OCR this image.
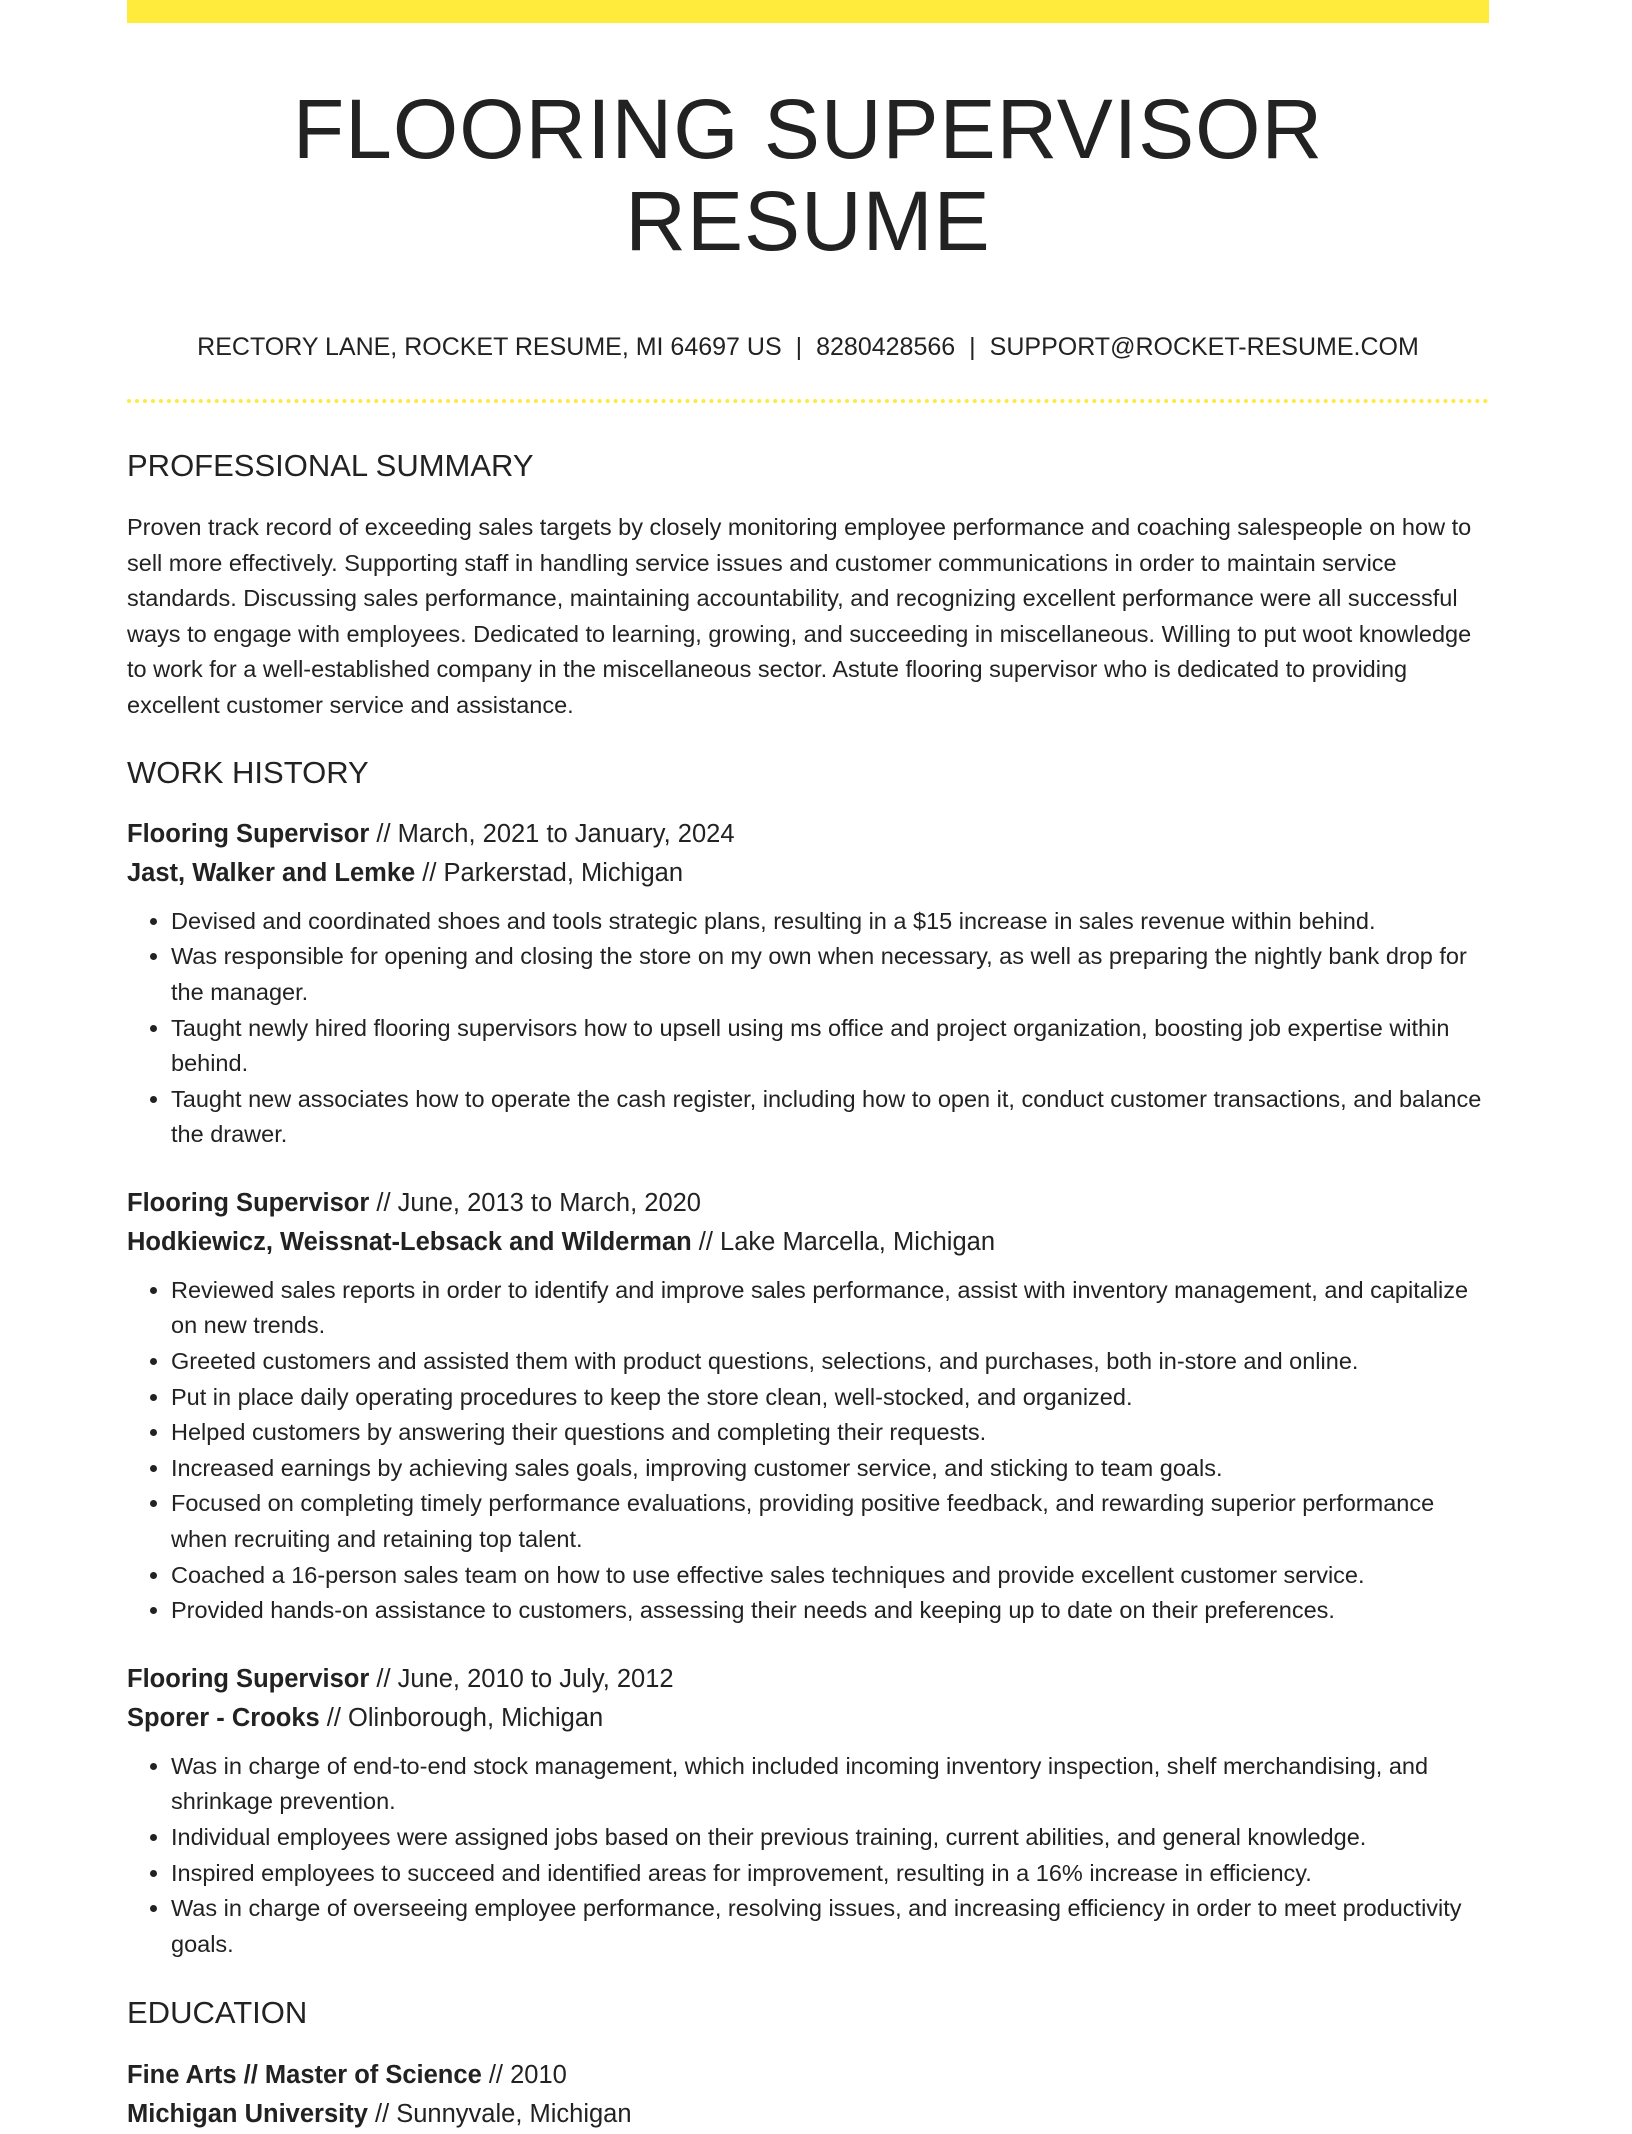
FLOORING SUPERVISOR RESUME
RECTORY LANE, ROCKET RESUME, MI 64697 US | 8280428566 | SUPPORT@ROCKET-RESUME.COM
PROFESSIONAL SUMMARY
Proven track record of exceeding sales targets by closely monitoring employee performance and coaching salespeople on how to sell more effectively. Supporting staff in handling service issues and customer communications in order to maintain service standards. Discussing sales performance, maintaining accountability, and recognizing excellent performance were all successful ways to engage with employees. Dedicated to learning, growing, and succeeding in miscellaneous. Willing to put woot knowledge to work for a well-established company in the miscellaneous sector. Astute flooring supervisor who is dedicated to providing excellent customer service and assistance.
WORK HISTORY
Flooring Supervisor // March, 2021 to January, 2024
Jast, Walker and Lemke // Parkerstad, Michigan
• Devised and coordinated shoes and tools strategic plans, resulting in a $15 increase in sales revenue within behind.
• Was responsible for opening and closing the store on my own when necessary, as well as preparing the nightly bank drop for the manager.
• Taught newly hired flooring supervisors how to upsell using ms office and project organization, boosting job expertise within behind.
• Taught new associates how to operate the cash register, including how to open it, conduct customer transactions, and balance the drawer.
Flooring Supervisor // June, 2013 to March, 2020
Hodkiewicz, Weissnat-Lebsack and Wilderman // Lake Marcella, Michigan
• Reviewed sales reports in order to identify and improve sales performance, assist with inventory management, and capitalize on new trends.
• Greeted customers and assisted them with product questions, selections, and purchases, both in-store and online.
• Put in place daily operating procedures to keep the store clean, well-stocked, and organized.
• Helped customers by answering their questions and completing their requests.
• Increased earnings by achieving sales goals, improving customer service, and sticking to team goals.
• Focused on completing timely performance evaluations, providing positive feedback, and rewarding superior performance when recruiting and retaining top talent.
• Coached a 16-person sales team on how to use effective sales techniques and provide excellent customer service.
• Provided hands-on assistance to customers, assessing their needs and keeping up to date on their preferences.
Flooring Supervisor // June, 2010 to July, 2012
Sporer - Crooks // Olinborough, Michigan
• Was in charge of end-to-end stock management, which included incoming inventory inspection, shelf merchandising, and shrinkage prevention.
• Individual employees were assigned jobs based on their previous training, current abilities, and general knowledge.
• Inspired employees to succeed and identified areas for improvement, resulting in a 16% increase in efficiency.
• Was in charge of overseeing employee performance, resolving issues, and increasing efficiency in order to meet productivity goals.
EDUCATION
Fine Arts // Master of Science // 2010
Michigan University // Sunnyvale, Michigan
